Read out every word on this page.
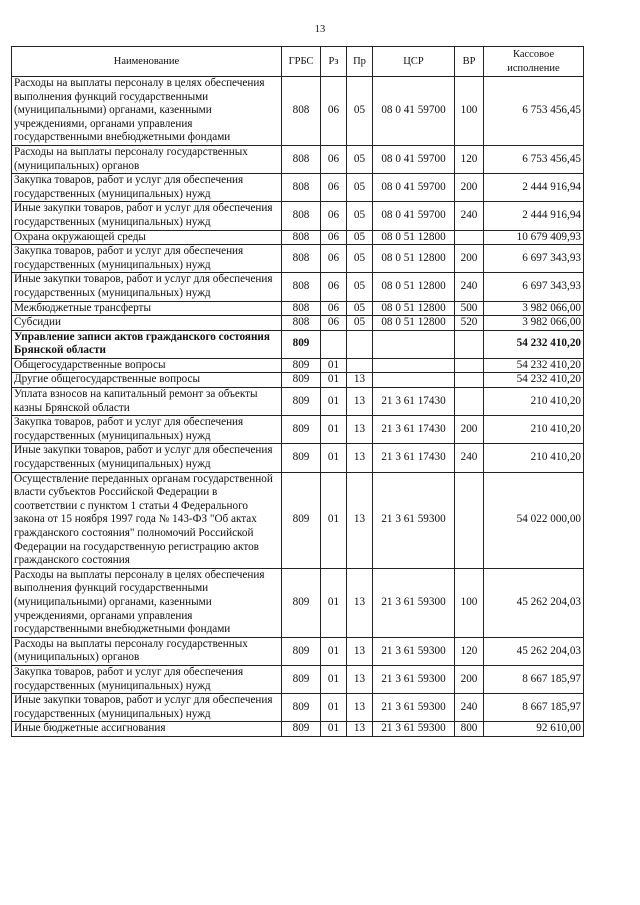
13
Наименование	ГРБС	Рз	Пр	ЦСР	ВР	Кассовое исполнение
Расходы на выплаты персоналу в целях обеспечения выполнения функций государственными (муниципальными) органами, казенными учреждениями, органами управления государственными внебюджетными фондами	808	06	05	08 0 41 59700	100	6 753 456,45
Расходы на выплаты персоналу государственных (муниципальных) органов	808	06	05	08 0 41 59700	120	6 753 456,45
Закупка товаров, работ и услуг для обеспечения государственных (муниципальных) нужд	808	06	05	08 0 41 59700	200	2 444 916,94
Иные закупки товаров, работ и услуг для обеспечения государственных (муниципальных) нужд	808	06	05	08 0 41 59700	240	2 444 916,94
Охрана окружающей среды	808	06	05	08 0 51 12800		10 679 409,93
Закупка товаров, работ и услуг для обеспечения государственных (муниципальных) нужд	808	06	05	08 0 51 12800	200	6 697 343,93
Иные закупки товаров, работ и услуг для обеспечения государственных (муниципальных) нужд	808	06	05	08 0 51 12800	240	6 697 343,93
Межбюджетные трансферты	808	06	05	08 0 51 12800	500	3 982 066,00
Субсидии	808	06	05	08 0 51 12800	520	3 982 066,00
Управление записи актов гражданского состояния Брянской области	809					54 232 410,20
Общегосударственные вопросы	809	01				54 232 410,20
Другие общегосударственные вопросы	809	01	13			54 232 410,20
Уплата взносов на капитальный ремонт за объекты казны Брянской области	809	01	13	21 3 61 17430		210 410,20
Закупка товаров, работ и услуг для обеспечения государственных (муниципальных) нужд	809	01	13	21 3 61 17430	200	210 410,20
Иные закупки товаров, работ и услуг для обеспечения государственных (муниципальных) нужд	809	01	13	21 3 61 17430	240	210 410,20
Осуществление переданных органам государственной власти субъектов Российской Федерации в соответствии с пунктом 1 статьи 4 Федерального закона от 15 ноября 1997 года № 143-ФЗ "Об актах гражданского состояния" полномочий Российской Федерации на государственную регистрацию актов гражданского состояния	809	01	13	21 3 61 59300		54 022 000,00
Расходы на выплаты персоналу в целях обеспечения выполнения функций государственными (муниципальными) органами, казенными учреждениями, органами управления государственными внебюджетными фондами	809	01	13	21 3 61 59300	100	45 262 204,03
Расходы на выплаты персоналу государственных (муниципальных) органов	809	01	13	21 3 61 59300	120	45 262 204,03
Закупка товаров, работ и услуг для обеспечения государственных (муниципальных) нужд	809	01	13	21 3 61 59300	200	8 667 185,97
Иные закупки товаров, работ и услуг для обеспечения государственных (муниципальных) нужд	809	01	13	21 3 61 59300	240	8 667 185,97
Иные бюджетные ассигнования	809	01	13	21 3 61 59300	800	92 610,00
